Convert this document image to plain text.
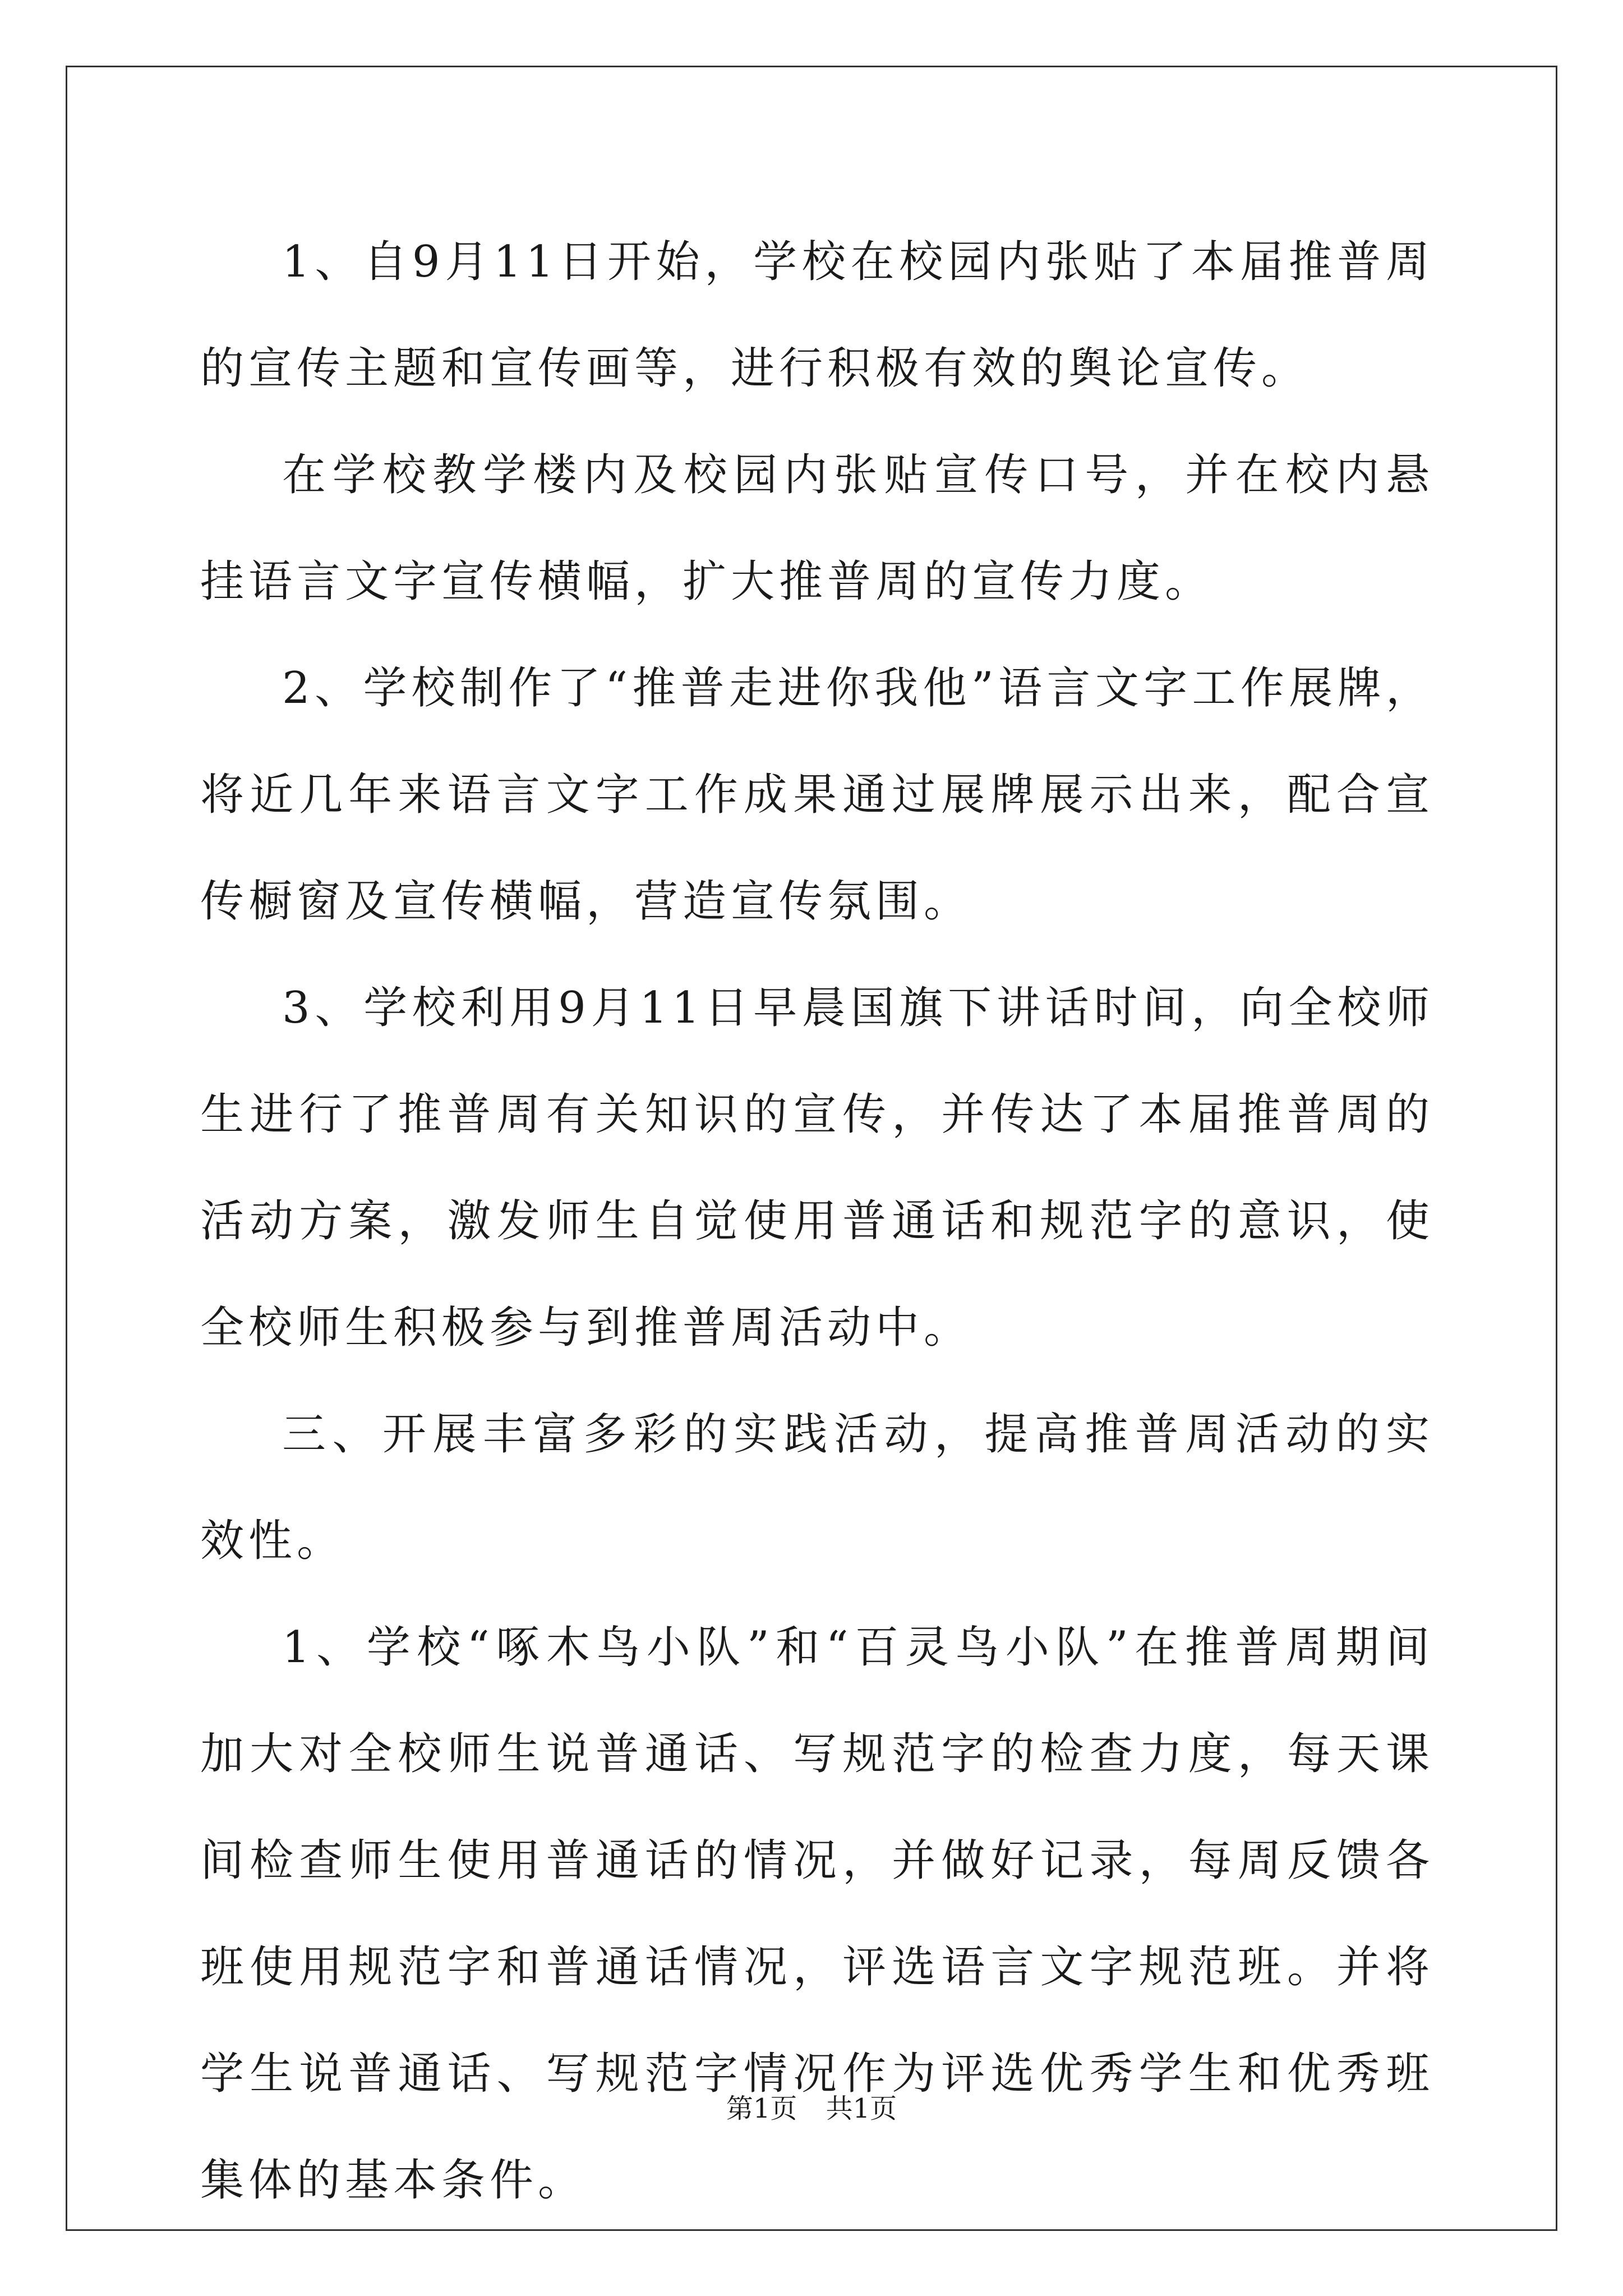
1、自9月11日开始，学校在校园内张贴了本届推普周的宣传主题和宣传画等，进行积极有效的舆论宣传。

在学校教学楼内及校园内张贴宣传口号，并在校内悬挂语言文字宣传横幅，扩大推普周的宣传力度。

2、学校制作了“推普走进你我他”语言文字工作展牌，将近几年来语言文字工作成果通过展牌展示出来，配合宣传橱窗及宣传横幅，营造宣传氛围。

3、学校利用9月11日早晨国旗下讲话时间，向全校师生进行了推普周有关知识的宣传，并传达了本届推普周的活动方案，激发师生自觉使用普通话和规范字的意识，使全校师生积极参与到推普周活动中。

三、开展丰富多彩的实践活动，提高推普周活动的实效性。

1、学校“啄木鸟小队”和“百灵鸟小队”在推普周期间加大对全校师生说普通话、写规范字的检查力度，每天课间检查师生使用普通话的情况，并做好记录，每周反馈各班使用规范字和普通话情况，评选语言文字规范班。并将学生说普通话、写规范字情况作为评选优秀学生和优秀班集体的基本条件。

第1页 共1页
